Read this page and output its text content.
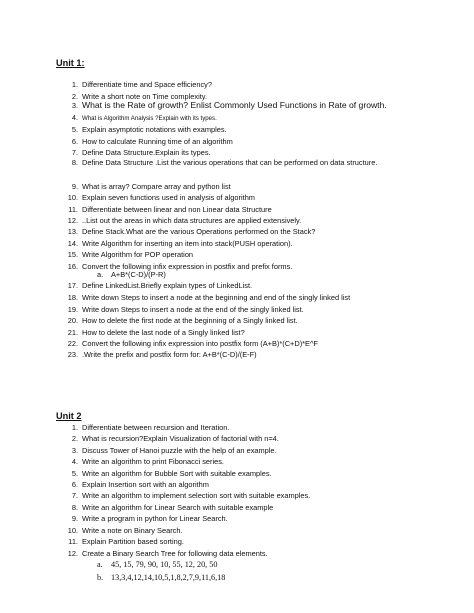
Unit 1:
1. Differentiate time and Space efficiency?
2. Write a short note on Time complexity.
3. What is the Rate of growth? Enlist Commonly Used Functions in Rate of growth.
4. What is Algorithm Analysis ?Explain with its types.
5. Explain asymptotic notations with examples.
6. How to calculate Running time of an algorithm
7. Define Data Structure.Explain its types.
8. Define Data Structure .List the various operations that can be performed on data structure.
9. What is array? Compare array and python list
10. Explain seven functions used in analysis of algorithm
11. Differentiate between linear and non Linear data Structure
12. ..List out the areas in which data structures are applied extensively.
13. Define Stack.What are the various Operations performed on the Stack?
14. Write Algorithm for inserting an item into stack(PUSH operation).
15. Write Algorithm for POP operation
16. Convert the following infix expression in postfix and prefix forms.
17. Define LinkedList.Briefly explain types of LinkedList.
18. Write down Steps to insert a node at the beginning and end of the singly linked list
19. Write down Steps to insert a node at the end of the singly linked list.
20. How to delete the first node at the beginning of a Singly linked list.
21. How to delete the last node of a Singly linked list?
22. Convert the following infix expression into postfix form (A+B)*(C+D)*E^F
23. .Write the prefix and postfix form for: A+B*(C-D)/(E-F)
a. A+B*(C-D)/(P-R)
Unit 2
1. Differentiate between recursion and Iteration.
2. What is recursion?Explain Visualization of factorial with n=4.
3. Discuss Tower of Hanoi puzzle with the help of an example.
4. Write an algorithm to print Fibonacci series.
5. Write an algorithm for Bubble Sort with suitable examples.
6. Explain Insertion sort with an algorithm
7. Write an algorithm to implement selection sort with suitable examples.
8. Write an algorithm for Linear Search with suitable example
9. Write a program in python for Linear Search.
10. Write a note on Binary Search.
11. Explain Partition based sorting.
12. Create a Binary Search Tree for following data elements.
a. 45, 15, 79, 90, 10, 55, 12, 20, 50
b. 13,3,4,12,14,10,5,1,8,2,7,9,11,6,18
